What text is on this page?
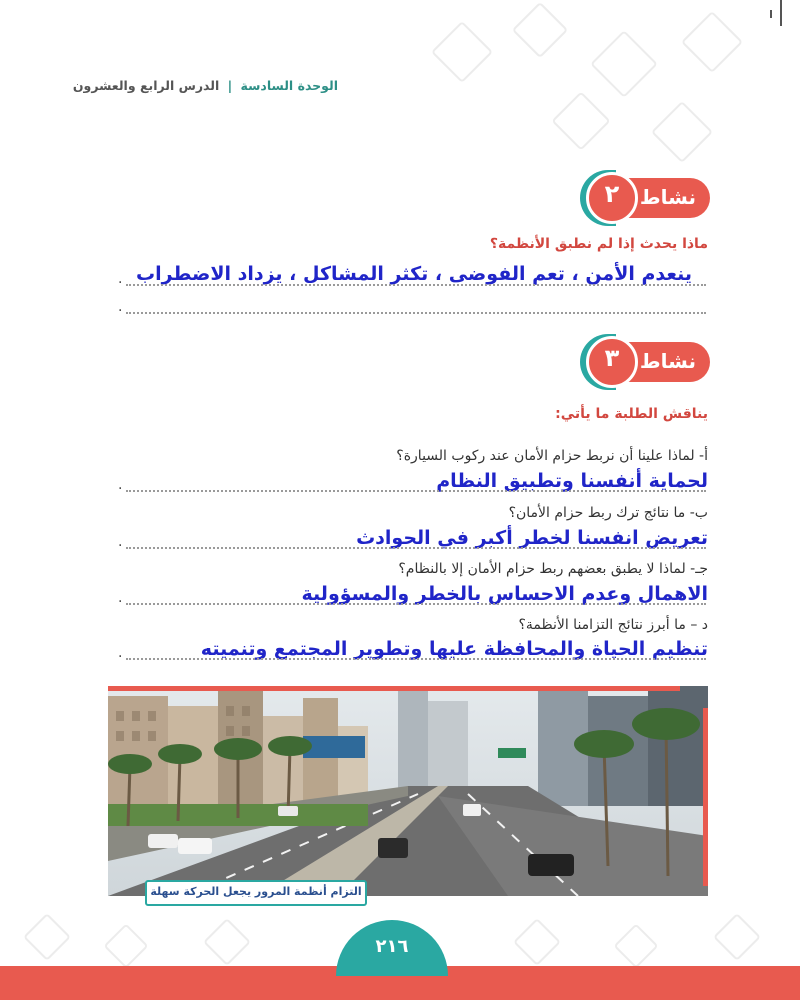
الوحدة السادسة | الدرس الرابع والعشرون
٢	نشاط
ماذا يحدث إذا لم نطبق الأنظمة؟
ينعدم الأمن ، تعم الفوضى ، تكثر المشاكل ، يزداد الاضطراب
.
.
٣	نشاط
يناقش الطلبة ما يأتي:
أ- لماذا علينا أن نربط حزام الأمان عند ركوب السيارة؟
لحماية أنفسنا وتطبيق النظام
.
ب- ما نتائج ترك ربط حزام الأمان؟
تعريض انفسنا لخطر أكبر في الحوادث
.
جـ- لماذا لا يطبق بعضهم ربط حزام الأمان إلا بالنظام؟
الاهمال وعدم الاحساس بالخطر والمسؤولية
.
د – ما أبرز نتائج التزامنا الأنظمة؟
تنظيم الحياة والمحافظة عليها وتطوير المجتمع وتنميته
.
التزام أنظمة المرور يجعل الحركة سهلة
٢١٦
